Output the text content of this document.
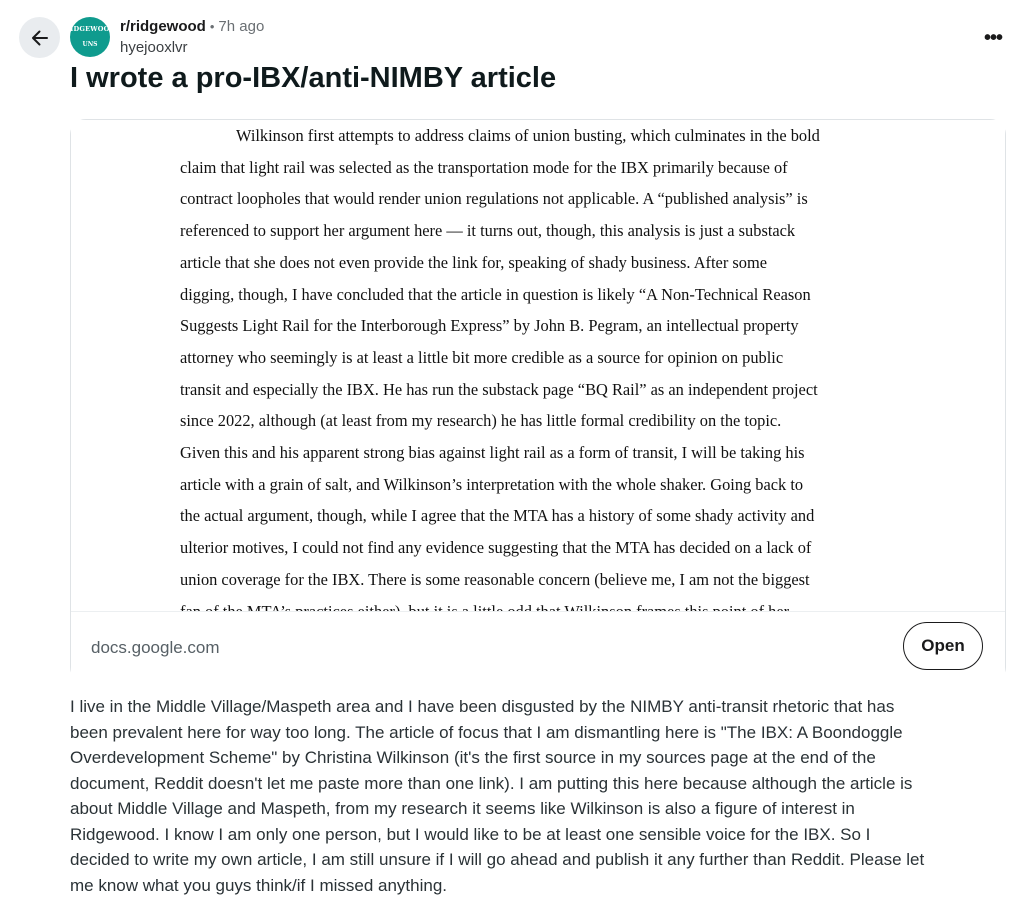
RIDGEWOOD
UNS
r/ridgewood • 7h ago
hyejooxlvr	•••
I wrote a pro-IBX/anti-NIMBY article
Wilkinson first attempts to address claims of union busting, which culminates in the bold
claim that light rail was selected as the transportation mode for the IBX primarily because of
contract loopholes that would render union regulations not applicable. A “published analysis” is
referenced to support her argument here — it turns out, though, this analysis is just a substack
article that she does not even provide the link for, speaking of shady business. After some
digging, though, I have concluded that the article in question is likely “A Non-Technical Reason
Suggests Light Rail for the Interborough Express” by John B. Pegram, an intellectual property
attorney who seemingly is at least a little bit more credible as a source for opinion on public
transit and especially the IBX. He has run the substack page “BQ Rail” as an independent project
since 2022, although (at least from my research) he has little formal credibility on the topic.
Given this and his apparent strong bias against light rail as a form of transit, I will be taking his
article with a grain of salt, and Wilkinson’s interpretation with the whole shaker. Going back to
the actual argument, though, while I agree that the MTA has a history of some shady activity and
ulterior motives, I could not find any evidence suggesting that the MTA has decided on a lack of
union coverage for the IBX. There is some reasonable concern (believe me, I am not the biggest
docs.google.com	Open
I live in the Middle Village/Maspeth area and I have been disgusted by the NIMBY anti-transit rhetoric that has
been prevalent here for way too long. The article of focus that I am dismantling here is "The IBX: A Boondoggle
Overdevelopment Scheme" by Christina Wilkinson (it's the first source in my sources page at the end of the
document, Reddit doesn't let me paste more than one link). I am putting this here because although the article is
about Middle Village and Maspeth, from my research it seems like Wilkinson is also a figure of interest in
Ridgewood. I know I am only one person, but I would like to be at least one sensible voice for the IBX. So I
decided to write my own article, I am still unsure if I will go ahead and publish it any further than Reddit. Please let
me know what you guys think/if I missed anything.
